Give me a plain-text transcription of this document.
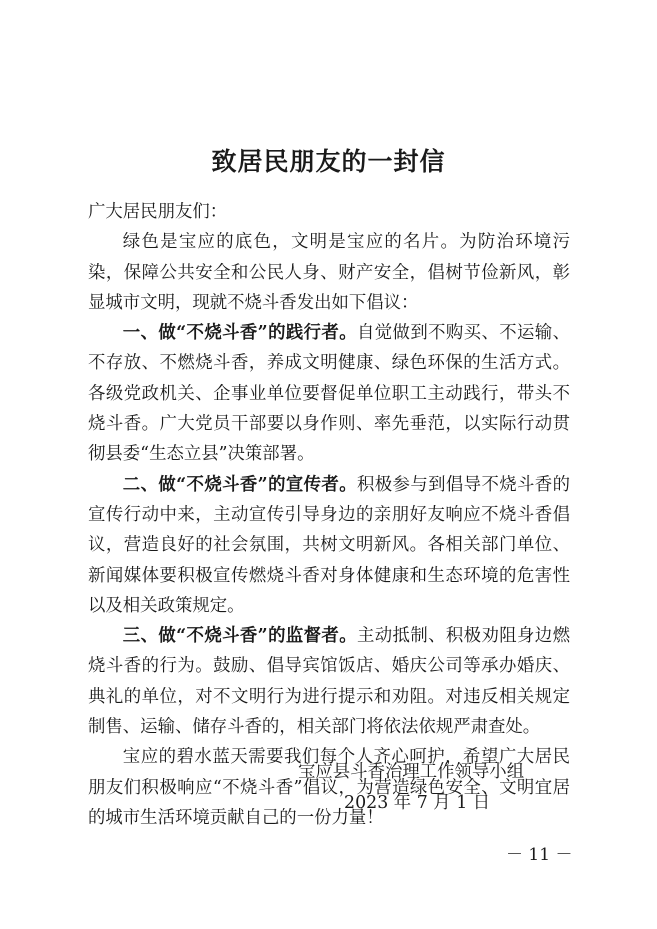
致居民朋友的一封信

广大居民朋友们：

绿色是宝应的底色，文明是宝应的名片。为防治环境污染，保障公共安全和公民人身、财产安全，倡树节俭新风，彰显城市文明，现就不烧斗香发出如下倡议：

一、做“不烧斗香”的践行者。自觉做到不购买、不运输、不存放、不燃烧斗香，养成文明健康、绿色环保的生活方式。各级党政机关、企事业单位要督促单位职工主动践行，带头不烧斗香。广大党员干部要以身作则、率先垂范，以实际行动贯彻县委“生态立县”决策部署。

二、做“不烧斗香”的宣传者。积极参与到倡导不烧斗香的宣传行动中来，主动宣传引导身边的亲朋好友响应不烧斗香倡议，营造良好的社会氛围，共树文明新风。各相关部门单位、新闻媒体要积极宣传燃烧斗香对身体健康和生态环境的危害性以及相关政策规定。

三、做“不烧斗香”的监督者。主动抵制、积极劝阻身边燃烧斗香的行为。鼓励、倡导宾馆饭店、婚庆公司等承办婚庆、典礼的单位，对不文明行为进行提示和劝阻。对违反相关规定制售、运输、储存斗香的，相关部门将依法依规严肃查处。

宝应的碧水蓝天需要我们每个人齐心呵护，希望广大居民朋友们积极响应“不烧斗香”倡议，为营造绿色安全、文明宜居的城市生活环境贡献自己的一份力量！

宝应县斗香治理工作领导小组

2023 年 7 月 1 日

－ 11 －
